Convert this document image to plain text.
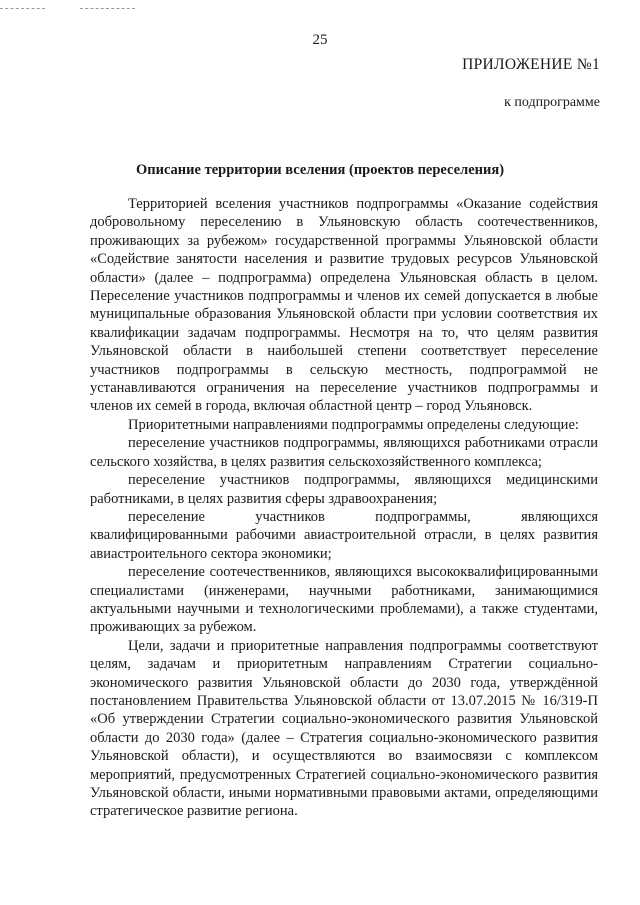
25
ПРИЛОЖЕНИЕ №1
к подпрограмме
Описание территории вселения (проектов переселения)

Территорией вселения участников подпрограммы «Оказание содействия добровольному переселению в Ульяновскую область соотечественников, проживающих за рубежом» государственной программы Ульяновской области «Содействие занятости населения и развитие трудовых ресурсов Ульяновской области» (далее – подпрограмма) определена Ульяновская область в целом. Переселение участников подпрограммы и членов их семей допускается в любые муниципальные образования Ульяновской области при условии соответствия их квалификации задачам подпрограммы. Несмотря на то, что целям развития Ульяновской области в наибольшей степени соответствует переселение участников подпрограммы в сельскую местность, подпрограммой не устанавливаются ограничения на переселение участников подпрограммы и членов их семей в города, включая областной центр – город Ульяновск.

Приоритетными направлениями подпрограммы определены следующие:

переселение участников подпрограммы, являющихся работниками отрасли сельского хозяйства, в целях развития сельскохозяйственного комплекса;

переселение участников подпрограммы, являющихся медицинскими работниками, в целях развития сферы здравоохранения;

переселение участников подпрограммы, являющихся квалифицированными рабочими авиастроительной отрасли, в целях развития авиастроительного сектора экономики;

переселение соотечественников, являющихся высококвалифицированными специалистами (инженерами, научными работниками, занимающимися актуальными научными и технологическими проблемами), а также студентами, проживающих за рубежом.

Цели, задачи и приоритетные направления подпрограммы соответствуют целям, задачам и приоритетным направлениям Стратегии социально-экономического развития Ульяновской области до 2030 года, утверждённой постановлением Правительства Ульяновской области от 13.07.2015 № 16/319-П «Об утверждении Стратегии социально-экономического развития Ульяновской области до 2030 года» (далее – Стратегия социально-экономического развития Ульяновской области), и осуществляются во взаимосвязи с комплексом мероприятий, предусмотренных Стратегией социально-экономического развития Ульяновской области, иными нормативными правовыми актами, определяющими стратегическое развитие региона.
